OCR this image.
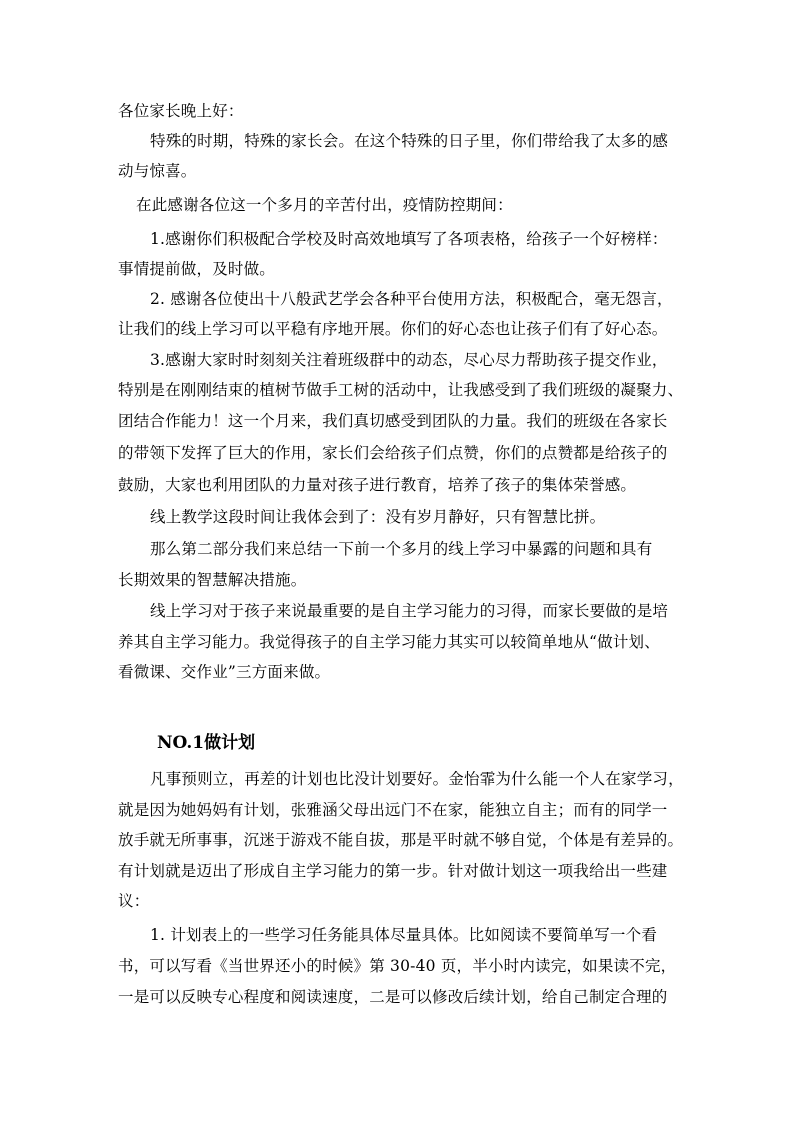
各位家长晚上好：
特殊的时期，特殊的家长会。在这个特殊的日子里，你们带给我了太多的感
动与惊喜。
在此感谢各位这一个多月的辛苦付出，疫情防控期间：
1.感谢你们积极配合学校及时高效地填写了各项表格，给孩子一个好榜样：
事情提前做，及时做。
2. 感谢各位使出十八般武艺学会各种平台使用方法，积极配合，毫无怨言，
让我们的线上学习可以平稳有序地开展。你们的好心态也让孩子们有了好心态。
3.感谢大家时时刻刻关注着班级群中的动态，尽心尽力帮助孩子提交作业，
特别是在刚刚结束的植树节做手工树的活动中，让我感受到了我们班级的凝聚力、
团结合作能力！这一个月来，我们真切感受到团队的力量。我们的班级在各家长
的带领下发挥了巨大的作用，家长们会给孩子们点赞，你们的点赞都是给孩子的
鼓励，大家也利用团队的力量对孩子进行教育，培养了孩子的集体荣誉感。
线上教学这段时间让我体会到了：没有岁月静好，只有智慧比拼。
那么第二部分我们来总结一下前一个多月的线上学习中暴露的问题和具有
长期效果的智慧解决措施。
线上学习对于孩子来说最重要的是自主学习能力的习得，而家长要做的是培
养其自主学习能力。我觉得孩子的自主学习能力其实可以较简单地从“做计划、
看微课、交作业”三方面来做。
NO.1做计划
凡事预则立，再差的计划也比没计划要好。金怡霏为什么能一个人在家学习，
就是因为她妈妈有计划，张雅涵父母出远门不在家，能独立自主；而有的同学一
放手就无所事事，沉迷于游戏不能自拔，那是平时就不够自觉，个体是有差异的。
有计划就是迈出了形成自主学习能力的第一步。针对做计划这一项我给出一些建
议：
1. 计划表上的一些学习任务能具体尽量具体。比如阅读不要简单写一个看
书，可以写看《当世界还小的时候》第 30-40 页，半小时内读完，如果读不完，
一是可以反映专心程度和阅读速度，二是可以修改后续计划，给自己制定合理的
